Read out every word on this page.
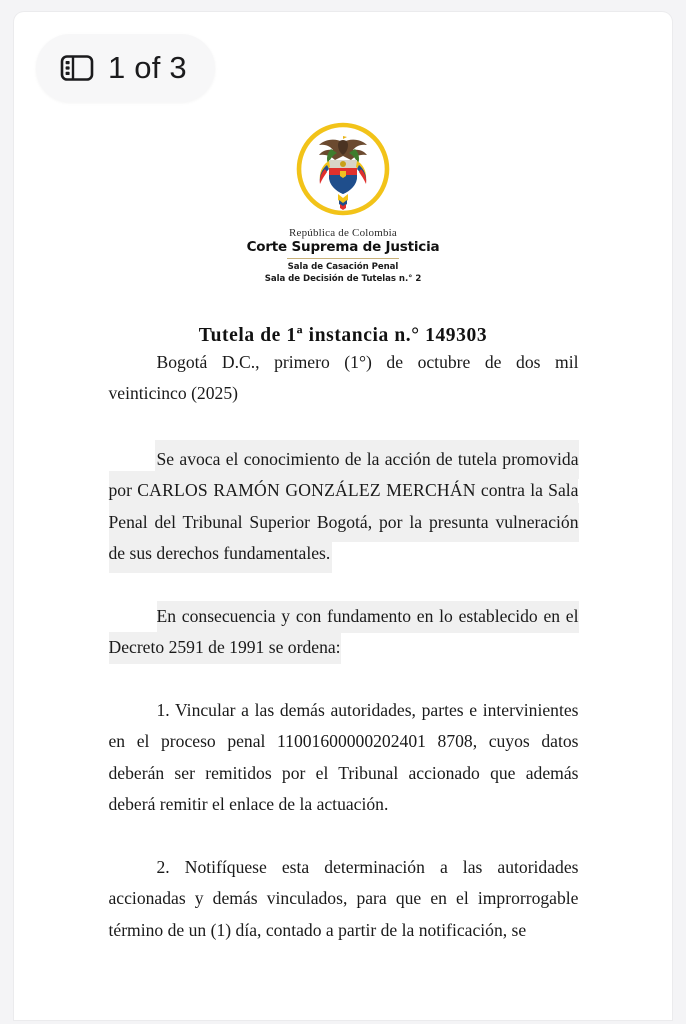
República de Colombia
Corte Suprema de Justicia
Sala de Casación Penal
Sala de Decisión de Tutelas n.° 2
Tutela de 1ª instancia n.° 149303

Bogotá D.C., primero (1°) de octubre de dos mil veinticinco (2025)

Se avoca el conocimiento de la acción de tutela promovida por CARLOS RAMÓN GONZÁLEZ MERCHÁN contra la Sala Penal del Tribunal Superior Bogotá, por la presunta vulneración de sus derechos fundamentales.

En consecuencia y con fundamento en lo establecido en el Decreto 2591 de 1991 se ordena:

1. Vincular a las demás autoridades, partes e intervinientes en el proceso penal 11001600000202401 8708, cuyos datos deberán ser remitidos por el Tribunal accionado que además deberá remitir el enlace de la actuación.

2. Notifíquese esta determinación a las autoridades accionadas y demás vinculados, para que en el improrrogable término de un (1) día, contado a partir de la notificación, se

1 of 3
